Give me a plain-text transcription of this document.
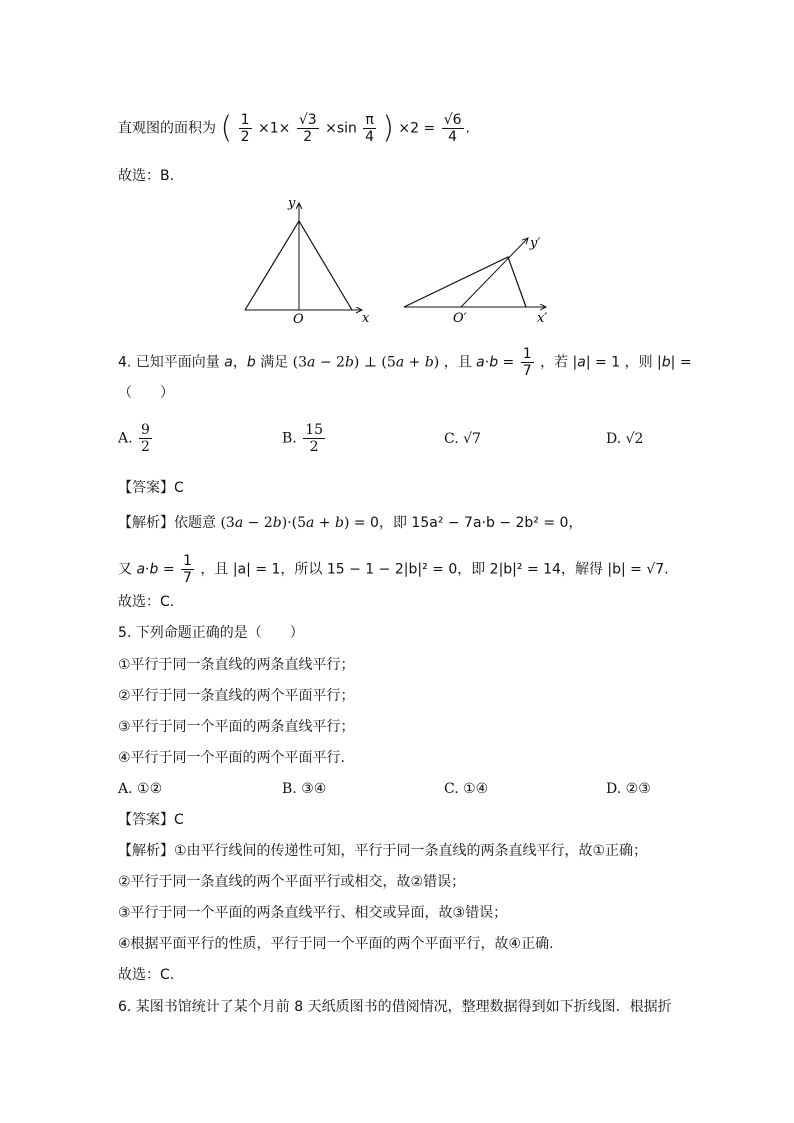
直观图的面积为 ( $\frac{1}{2} \times 1\times \frac{√3}{2} \times\sin \frac{\pi}{4}$ ) $\times 2 = \frac{√6}{4}$ .
故选：B.
y
O	x
y′
O′	x′
4. 已知平面向量 a，b 满足 (3a − 2b) ⊥ (5a + b) ，且 $a\cdot b = \frac{1}{7}$ ，若 |a| = 1 ，则 |b| =
（　　）
A. $\frac{9}{2}$	B. $\frac{15}{2}$	C. √7	D. √2
【答案】C
【解析】依题意 (3a − 2b)·(5a + b) = 0，即 15a² − 7a·b − 2b² = 0，
又 $a\cdot b = \frac{1}{7}$ ，且 |a| = 1，所以 15 − 1 − 2|b|² = 0，即 2|b|² = 14，解得 |b| = √7.
故选：C.
5. 下列命题正确的是（　　）
①平行于同一条直线的两条直线平行；
②平行于同一条直线的两个平面平行；
③平行于同一个平面的两条直线平行；
④平行于同一个平面的两个平面平行.
A. ①②	B. ③④	C. ①④	D. ②③
【答案】C
【解析】①由平行线间的传递性可知，平行于同一条直线的两条直线平行，故①正确；
②平行于同一条直线的两个平面平行或相交，故②错误；
③平行于同一个平面的两条直线平行、相交或异面，故③错误；
④根据平面平行的性质，平行于同一个平面的两个平面平行，故④正确.
故选：C.
6. 某图书馆统计了某个月前 8 天纸质图书的借阅情况，整理数据得到如下折线图．根据折
